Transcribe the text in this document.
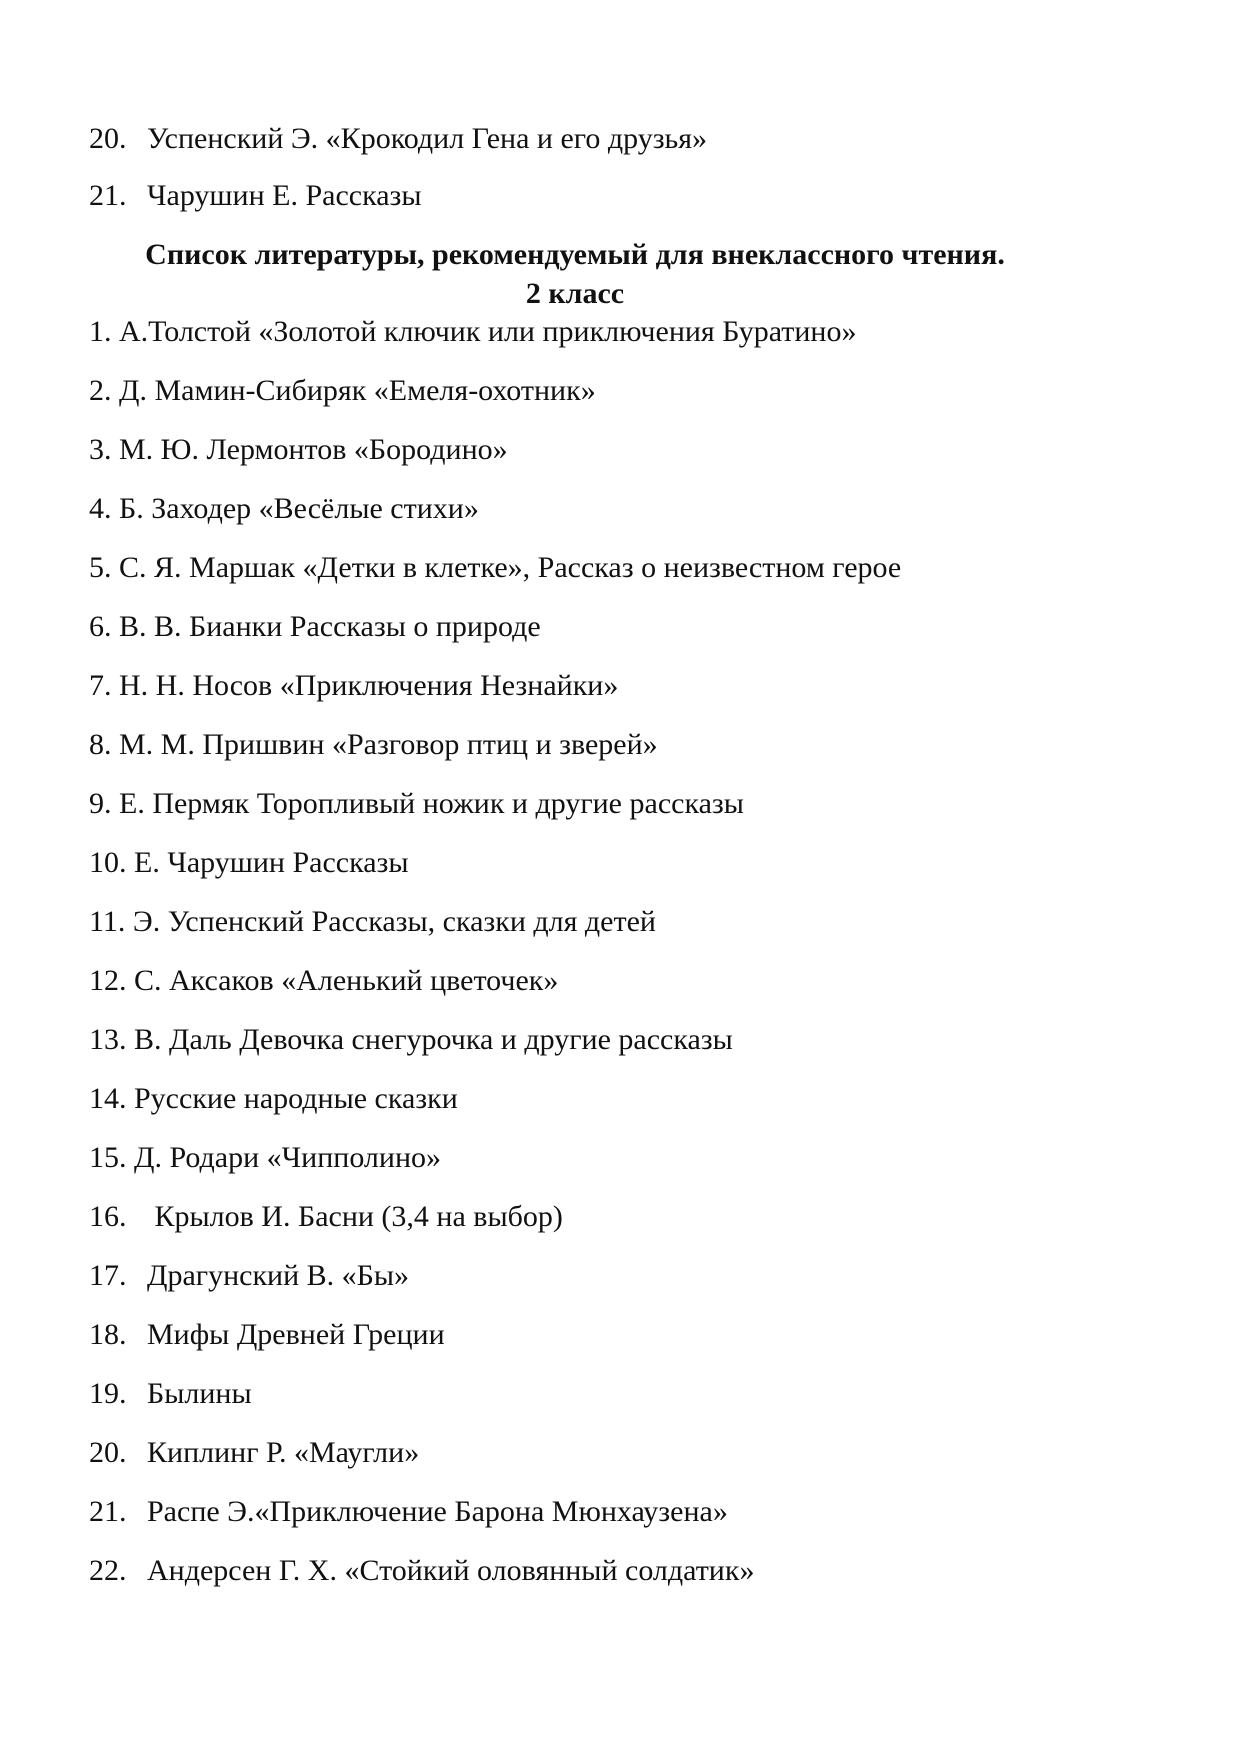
20. Успенский Э. «Крокодил Гена и его друзья»
21. Чарушин Е. Рассказы
Список литературы, рекомендуемый для внеклассного чтения.
2 класс
1. А.Толстой «Золотой ключик или приключения Буратино»
2. Д. Мамин-Сибиряк «Емеля-охотник»
3. М. Ю. Лермонтов «Бородино»
4. Б. Заходер «Весёлые стихи»
5. С. Я. Маршак «Детки в клетке», Рассказ о неизвестном герое
6. В. В. Бианки Рассказы о природе
7. Н. Н. Носов «Приключения Незнайки»
8. М. М. Пришвин «Разговор птиц и зверей»
9. Е. Пермяк Торопливый ножик и другие рассказы
10. Е. Чарушин Рассказы
11. Э. Успенский Рассказы, сказки для детей
12. С. Аксаков «Аленький цветочек»
13. В. Даль Девочка снегурочка и другие рассказы
14. Русские народные сказки
15. Д. Родари «Чипполино»
16. Крылов И. Басни (3,4 на выбор)
17. Драгунский В. «Бы»
18. Мифы Древней Греции
19. Былины
20. Киплинг Р. «Маугли»
21. Распе Э.«Приключение Барона Мюнхаузена»
22. Андерсен Г. Х. «Стойкий оловянный солдатик»
